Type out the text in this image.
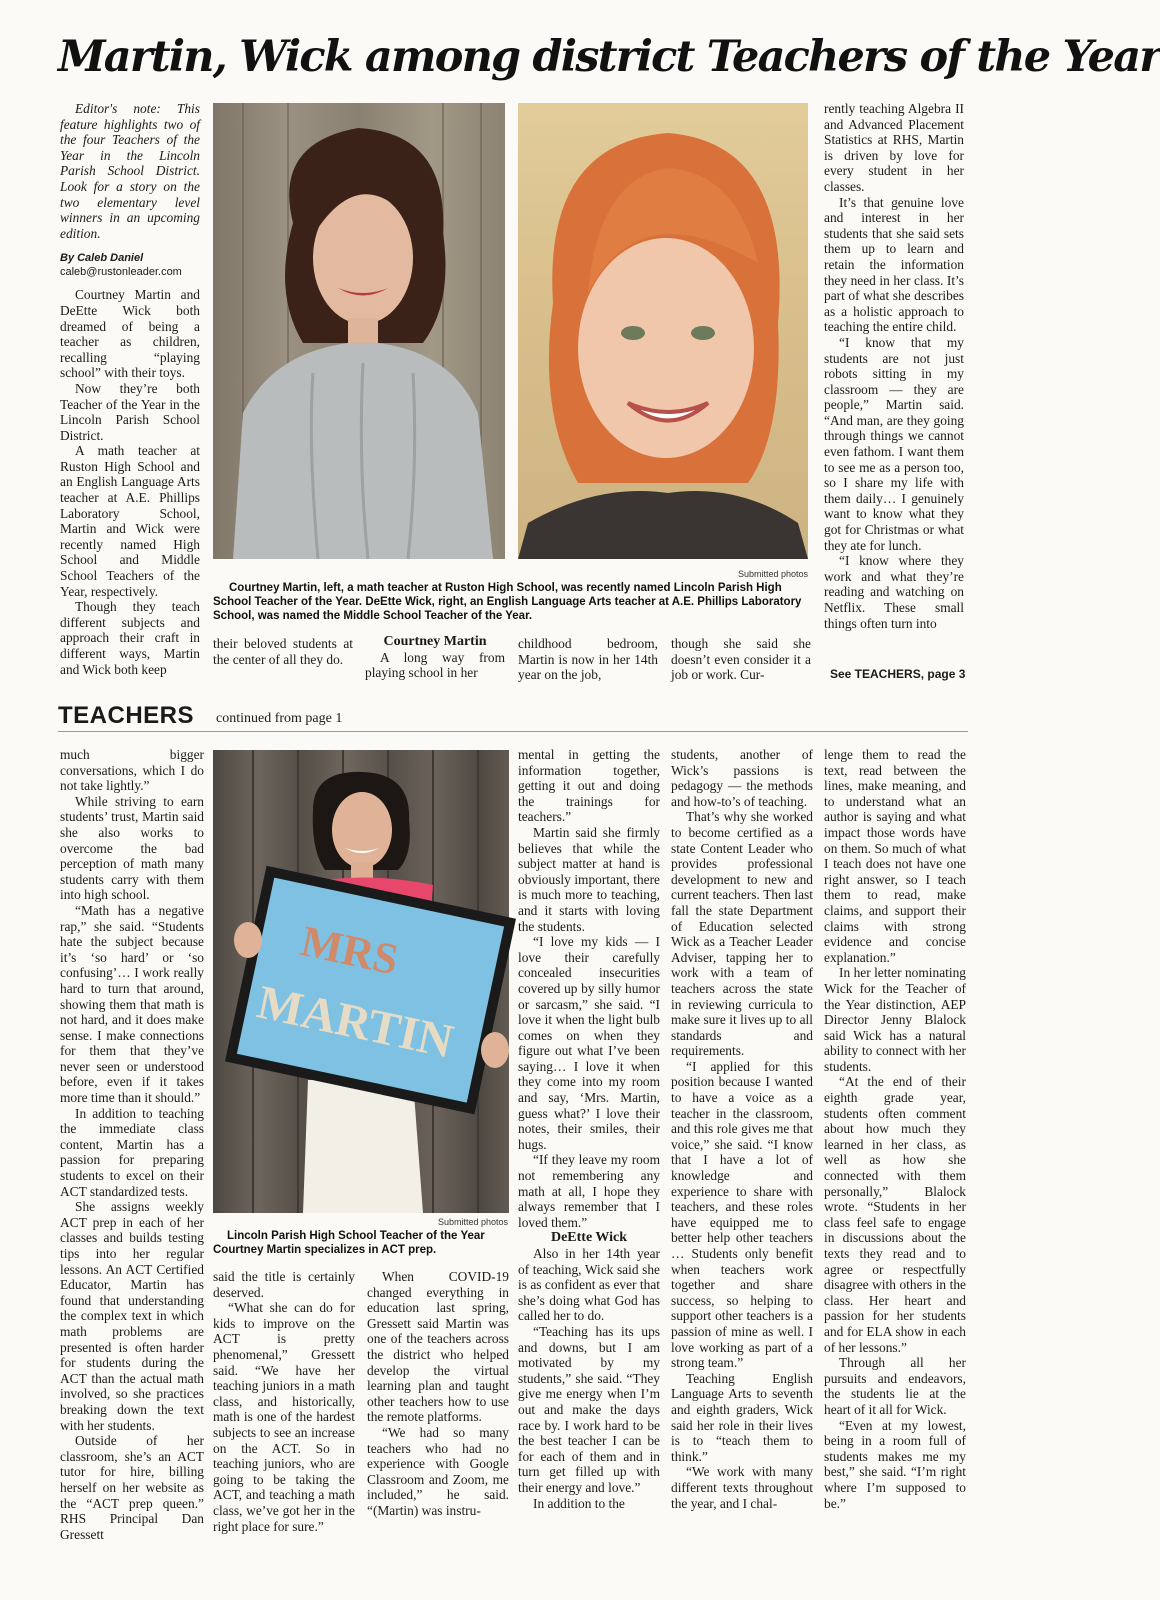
Martin, Wick among district Teachers of the Year

Editor's note: This feature highlights two of the four Teachers of the Year in the Lincoln Parish School District. Look for a story on the two elementary level winners in an upcoming edition.

By Caleb Daniel
caleb@rustonleader.com

Courtney Martin and DeEtte Wick both dreamed of being a teacher as children, recalling “playing school” with their toys.

Now they’re both Teacher of the Year in the Lincoln Parish School District.

A math teacher at Ruston High School and an English Language Arts teacher at A.E. Phillips Laboratory School, Martin and Wick were recently named High School and Middle School Teachers of the Year, respectively.

Though they teach different subjects and approach their craft in different ways, Martin and Wick both keep

Submitted photos
Courtney Martin, left, a math teacher at Ruston High School, was recently named Lincoln Parish High School Teacher of the Year. DeEtte Wick, right, an English Language Arts teacher at A.E. Phillips Laboratory School, was named the Middle School Teacher of the Year.

their beloved students at the center of all they do.

Courtney Martin

A long way from playing school in her

childhood bedroom, Martin is now in her 14th year on the job,

though she said she doesn’t even consider it a job or work. Cur-

rently teaching Algebra II and Advanced Placement Statistics at RHS, Martin is driven by love for every student in her classes.

It’s that genuine love and interest in her students that she said sets them up to learn and retain the information they need in her class. It’s part of what she describes as a holistic approach to teaching the entire child.

“I know that my students are not just robots sitting in my classroom — they are people,” Martin said. “And man, are they going through things we cannot even fathom. I want them to see me as a person too, so I share my life with them daily… I genuinely want to know what they got for Christmas or what they ate for lunch.

“I know where they work and what they’re reading and watching on Netflix. These small things often turn into

See TEACHERS, page 3
TEACHERS continued from page 1

much bigger conversations, which I do not take lightly.”

While striving to earn students’ trust, Martin said she also works to overcome the bad perception of math many students carry with them into high school.

“Math has a negative rap,” she said. “Students hate the subject because it’s ‘so hard’ or ‘so confusing’… I work really hard to turn that around, showing them that math is not hard, and it does make sense. I make connections for them that they’ve never seen or understood before, even if it takes more time than it should.”

In addition to teaching the immediate class content, Martin has a passion for preparing students to excel on their ACT standardized tests.

She assigns weekly ACT prep in each of her classes and builds testing tips into her regular lessons. An ACT Certified Educator, Martin has found that understanding the complex text in which math problems are presented is often harder for students during the ACT than the actual math involved, so she practices breaking down the text with her students.

Outside of her classroom, she’s an ACT tutor for hire, billing herself on her website as the “ACT prep queen.” RHS Principal Dan Gressett

MRS
MARTIN
Submitted photos
Lincoln Parish High School Teacher of the Year Courtney Martin specializes in ACT prep.

said the title is certainly deserved.

“What she can do for kids to improve on the ACT is pretty phenomenal,” Gressett said. “We have her teaching juniors in a math class, and historically, math is one of the hardest subjects to see an increase on the ACT. So in teaching juniors, who are going to be taking the ACT, and teaching a math class, we’ve got her in the right place for sure.”

When COVID-19 changed everything in education last spring, Gressett said Martin was one of the teachers across the district who helped develop the virtual learning plan and taught other teachers how to use the remote platforms.

“We had so many teachers who had no experience with Google Classroom and Zoom, me included,” he said. “(Martin) was instru-

mental in getting the information together, getting it out and doing the trainings for teachers.”

Martin said she firmly believes that while the subject matter at hand is obviously important, there is much more to teaching, and it starts with loving the students.

“I love my kids — I love their carefully concealed insecurities covered up by silly humor or sarcasm,” she said. “I love it when the light bulb comes on when they figure out what I’ve been saying… I love it when they come into my room and say, ‘Mrs. Martin, guess what?’ I love their notes, their smiles, their hugs.

“If they leave my room not remembering any math at all, I hope they always remember that I loved them.”

DeEtte Wick

Also in her 14th year of teaching, Wick said she is as confident as ever that she’s doing what God has called her to do.

“Teaching has its ups and downs, but I am motivated by my students,” she said. “They give me energy when I’m out and make the days race by. I work hard to be the best teacher I can be for each of them and in turn get filled up with their energy and love.”

In addition to the

students, another of Wick’s passions is pedagogy — the methods and how-to’s of teaching.

That’s why she worked to become certified as a state Content Leader who provides professional development to new and current teachers. Then last fall the state Department of Education selected Wick as a Teacher Leader Adviser, tapping her to work with a team of teachers across the state in reviewing curricula to make sure it lives up to all standards and requirements.

“I applied for this position because I wanted to have a voice as a teacher in the classroom, and this role gives me that voice,” she said. “I know that I have a lot of knowledge and experience to share with teachers, and these roles have equipped me to better help other teachers … Students only benefit when teachers work together and share success, so helping to support other teachers is a passion of mine as well. I love working as part of a strong team.”

Teaching English Language Arts to seventh and eighth graders, Wick said her role in their lives is to “teach them to think.”

“We work with many different texts throughout the year, and I chal-

lenge them to read the text, read between the lines, make meaning, and to understand what an author is saying and what impact those words have on them. So much of what I teach does not have one right answer, so I teach them to read, make claims, and support their claims with strong evidence and concise explanation.”

In her letter nominating Wick for the Teacher of the Year distinction, AEP Director Jenny Blalock said Wick has a natural ability to connect with her students.

“At the end of their eighth grade year, students often comment about how much they learned in her class, as well as how she connected with them personally,” Blalock wrote. “Students in her class feel safe to engage in discussions about the texts they read and to agree or respectfully disagree with others in the class. Her heart and passion for her students and for ELA show in each of her lessons.”

Through all her pursuits and endeavors, the students lie at the heart of it all for Wick.

“Even at my lowest, being in a room full of students makes me my best,” she said. “I’m right where I’m supposed to be.”
